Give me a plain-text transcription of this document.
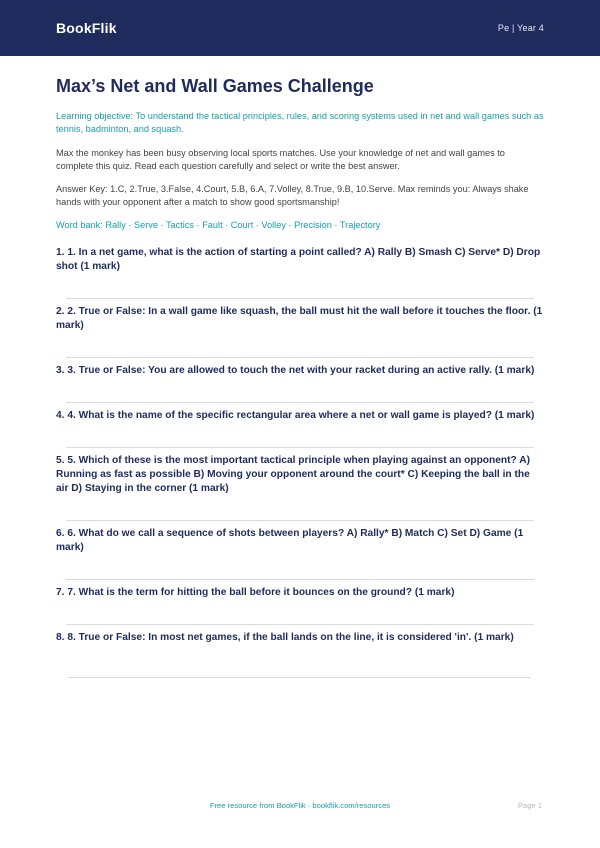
BookFlik	Pe | Year 4
Max’s Net and Wall Games Challenge
Learning objective: To understand the tactical principles, rules, and scoring systems used in net and wall games such as tennis, badminton, and squash.
Max the monkey has been busy observing local sports matches. Use your knowledge of net and wall games to complete this quiz. Read each question carefully and select or write the best answer.
Answer Key: 1.C, 2.True, 3.False, 4.Court, 5.B, 6.A, 7.Volley, 8.True, 9.B, 10.Serve. Max reminds you: Always shake hands with your opponent after a match to show good sportsmanship!
Word bank: Rally · Serve · Tactics · Fault · Court · Volley · Precision · Trajectory
1. 1. In a net game, what is the action of starting a point called? A) Rally B) Smash C) Serve* D) Drop shot (1 mark)
2. 2. True or False: In a wall game like squash, the ball must hit the wall before it touches the floor. (1 mark)
3. 3. True or False: You are allowed to touch the net with your racket during an active rally. (1 mark)
4. 4. What is the name of the specific rectangular area where a net or wall game is played? (1 mark)
5. 5. Which of these is the most important tactical principle when playing against an opponent? A) Running as fast as possible B) Moving your opponent around the court* C) Keeping the ball in the air D) Staying in the corner (1 mark)
6. 6. What do we call a sequence of shots between players? A) Rally* B) Match C) Set D) Game (1 mark)
7. 7. What is the term for hitting the ball before it bounces on the ground? (1 mark)
8. 8. True or False: In most net games, if the ball lands on the line, it is considered 'in'. (1 mark)
Free resource from BookFlik · bookflik.com/resources	Page 1
